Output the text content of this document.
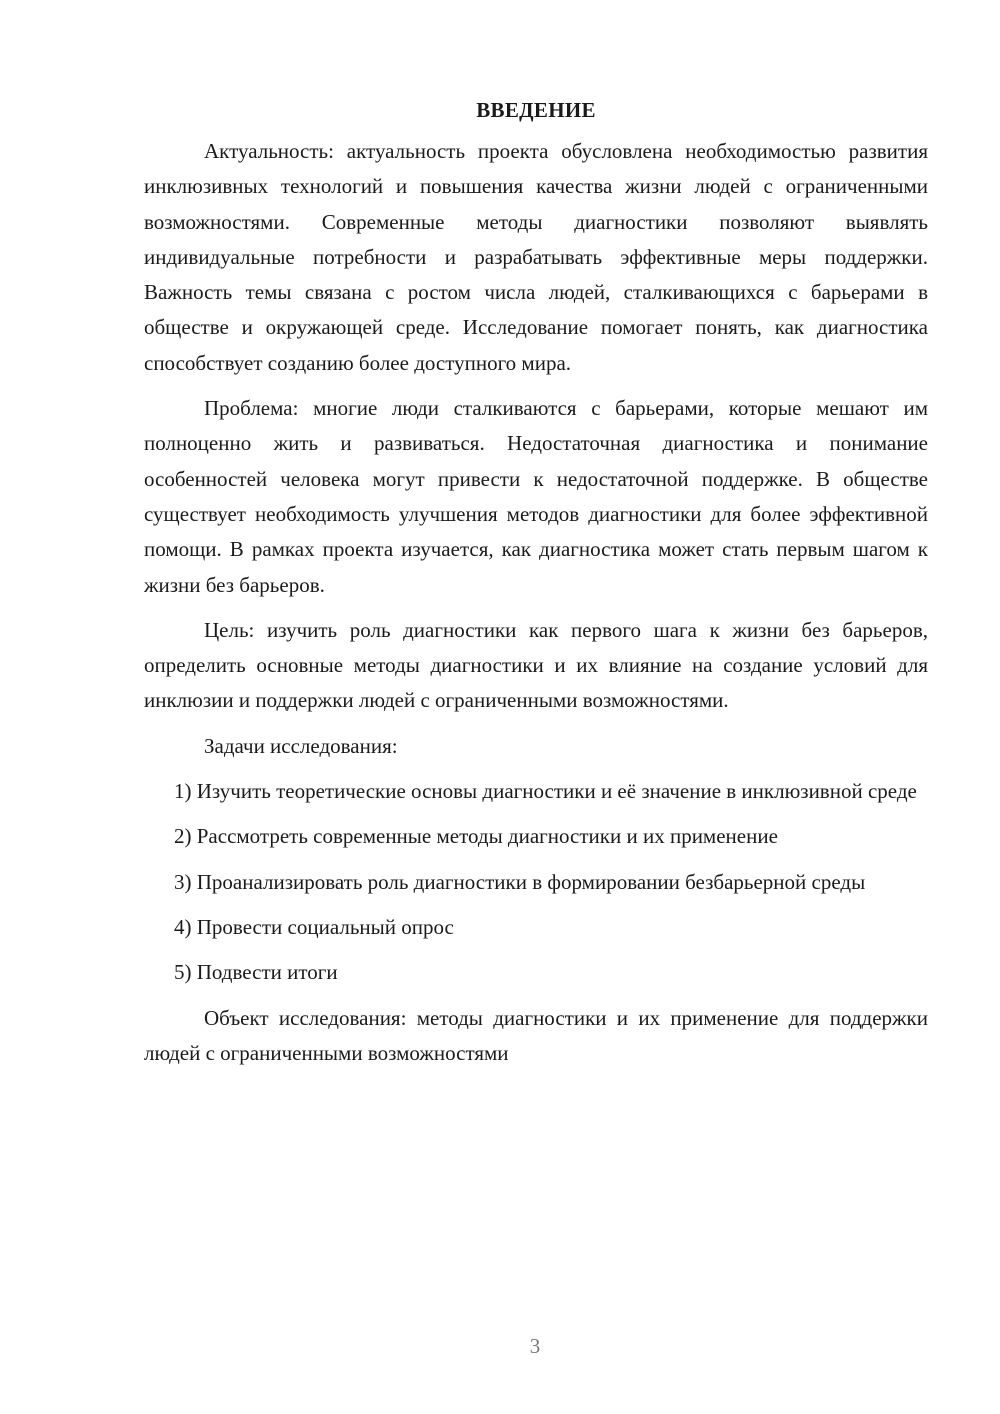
ВВЕДЕНИЕ

Актуальность: актуальность проекта обусловлена необходимостью развития инклюзивных технологий и повышения качества жизни людей с ограниченными возможностями. Современные методы диагностики позволяют выявлять индивидуальные потребности и разрабатывать эффективные меры поддержки. Важность темы связана с ростом числа людей, сталкивающихся с барьерами в обществе и окружающей среде. Исследование помогает понять, как диагностика способствует созданию более доступного мира.

Проблема: многие люди сталкиваются с барьерами, которые мешают им полноценно жить и развиваться. Недостаточная диагностика и понимание особенностей человека могут привести к недостаточной поддержке. В обществе существует необходимость улучшения методов диагностики для более эффективной помощи. В рамках проекта изучается, как диагностика может стать первым шагом к жизни без барьеров.

Цель: изучить роль диагностики как первого шага к жизни без барьеров, определить основные методы диагностики и их влияние на создание условий для инклюзии и поддержки людей с ограниченными возможностями.

Задачи исследования:

1) Изучить теоретические основы диагностики и её значение в инклюзивной среде

2) Рассмотреть современные методы диагностики и их применение

3) Проанализировать роль диагностики в формировании безбарьерной среды

4) Провести социальный опрос

5) Подвести итоги

Объект исследования: методы диагностики и их применение для поддержки людей с ограниченными возможностями

3
